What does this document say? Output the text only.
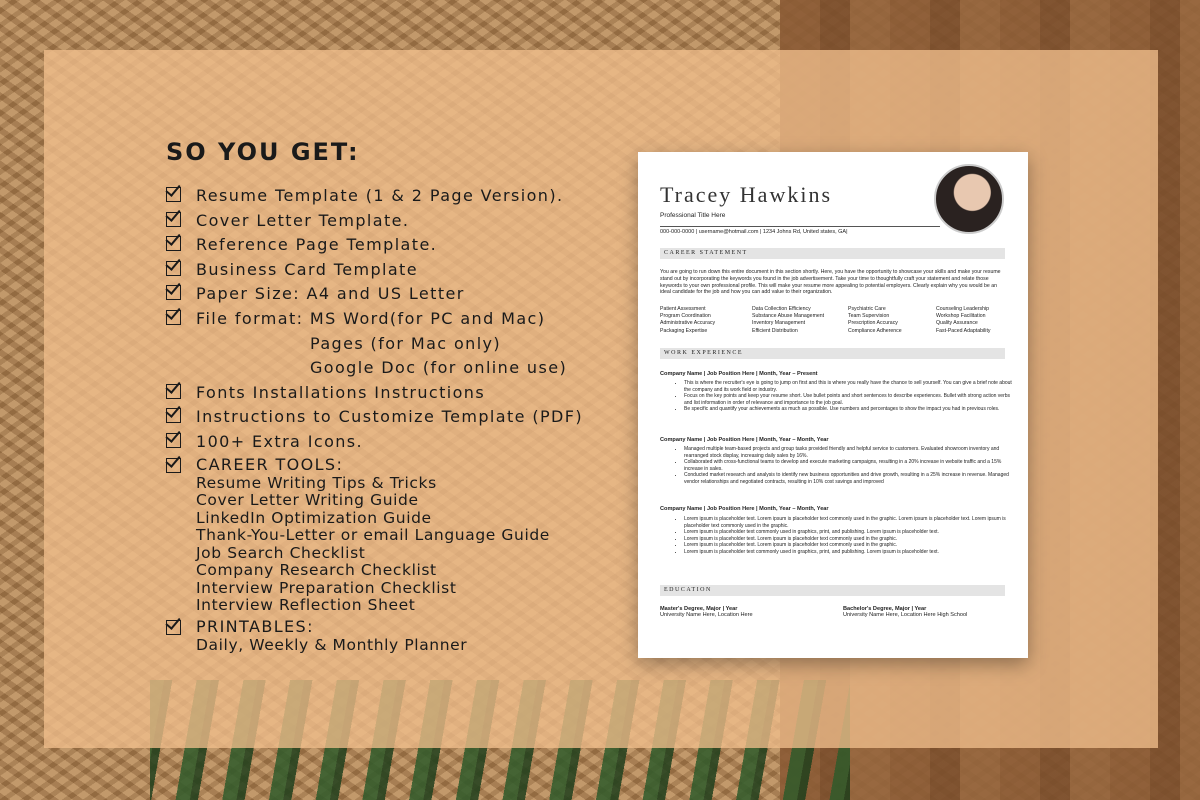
SO YOU GET:
Resume Template (1 & 2 Page Version).
Cover Letter Template.
Reference Page Template.
Business Card Template
Paper Size: A4 and US Letter
File format: MS Word(for PC and Mac)
Pages (for Mac only)
Google Doc (for online use)
Fonts Installations Instructions
Instructions to Customize Template (PDF)
100+ Extra Icons.
CAREER TOOLS:
Resume Writing Tips & Tricks
Cover Letter Writing Guide
LinkedIn Optimization Guide
Thank-You-Letter or email Language Guide
Job Search Checklist
Company Research Checklist
Interview Preparation Checklist
Interview Reflection Sheet
PRINTABLES:
Daily, Weekly & Monthly Planner
Tracey Hawkins
Professional Title Here
000-000-0000 | username@hotmail.com | 1234 Johns Rd, United states, GA|
CAREER STATEMENT
You are going to run down this entire document in this section shortly. Here, you have the opportunity to showcase your skills and make your resume stand out by incorporating the keywords you found in the job advertisement. Take your time to thoughtfully craft your statement and relate those keywords to your own professional profile. This will make your resume more appealing to potential employers. Clearly explain why you would be an ideal candidate for the job and how you can add value to their organization.
Patient Assessment	Data Collection Efficiency	Psychiatric Care	Counseling Leadership
Program Coordination	Substance Abuse Management	Team Supervision	Workshop Facilitation
Administrative Accuracy	Inventory Management	Prescription Accuracy	Quality Assurance
Packaging Expertise	Efficient Distribution	Compliance Adherence	Fast-Paced Adaptability
WORK EXPERIENCE
Company Name | Job Position Here | Month, Year – Present
• This is where the recruiter's eye is going to jump on first and this is where you really have the chance to sell yourself. You can give a brief note about the company and its work field or industry.
• Focus on the key points and keep your resume short. Use bullet points and short sentences to describe experiences. Bullet with strong action verbs and list information in order of relevance and importance to the job goal.
• Be specific and quantify your achievements as much as possible. Use numbers and percentages to show the impact you had in previous roles.
Company Name | Job Position Here | Month, Year – Month, Year
• Managed multiple team-based projects and group tasks provided friendly and helpful service to customers. Evaluated showroom inventory and rearranged stock display, increasing daily sales by 16%.
• Collaborated with cross-functional teams to develop and execute marketing campaigns, resulting in a 20% increase in website traffic and a 15% increase in sales.
• Conducted market research and analysis to identify new business opportunities and drive growth, resulting in a 25% increase in revenue. Managed vendor relationships and negotiated contracts, resulting in 10% cost savings and improved
Company Name | Job Position Here | Month, Year – Month, Year
• Lorem ipsum is placeholder text. Lorem ipsum is placeholder text commonly used in the graphic. Lorem ipsum is placeholder text. Lorem ipsum is placeholder text commonly used in the graphic.
• Lorem ipsum is placeholder text commonly used in graphics, print, and publishing. Lorem ipsum is placeholder text.
• Lorem ipsum is placeholder text. Lorem ipsum is placeholder text commonly used in the graphic.
• Lorem ipsum is placeholder text. Lorem ipsum is placeholder text commonly used in the graphic.
• Lorem ipsum is placeholder text commonly used in graphics, print, and publishing. Lorem ipsum is placeholder text.
EDUCATION
Master's Degree, Major | Year
University Name Here, Location Here
Bachelor's Degree, Major | Year
University Name Here, Location Here High School
